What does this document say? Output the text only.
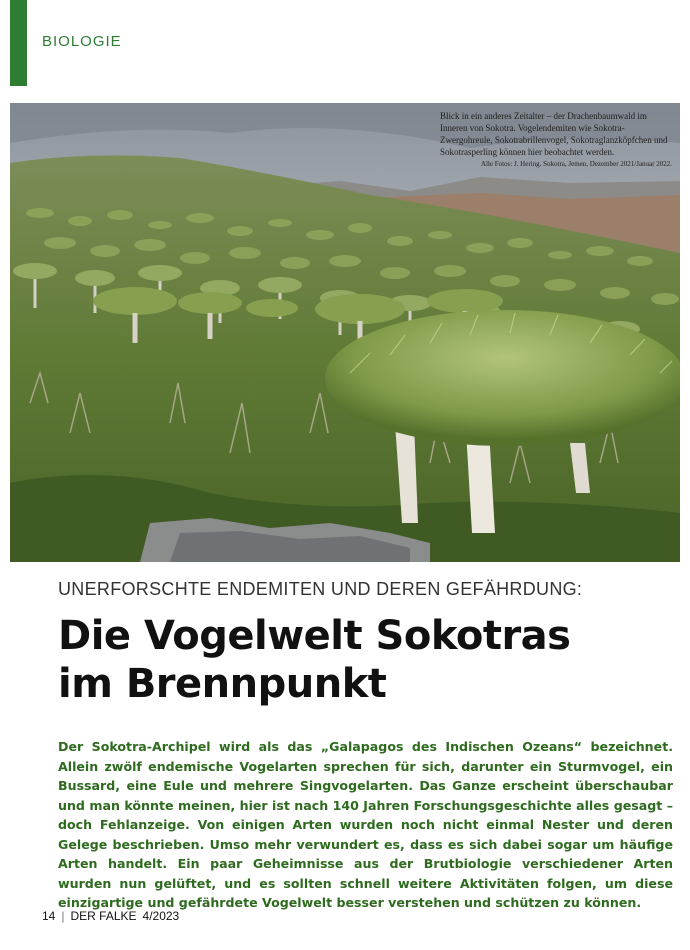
BIOLOGIE
Blick in ein anderes Zeitalter – der Drachenbaumwald im Inneren von Sokotra. Vogelendemiten wie Sokotra-Zwergohreule, Sokotrabrillenvogel, Sokotraglanzköpfchen und Sokotrasperling können hier beobachtet werden.
Alle Fotos: J. Hering. Sokotra, Jemen, Dezember 2021/Januar 2022.
UNERFORSCHTE ENDEMITEN UND DEREN GEFÄHRDUNG:
Die Vogelwelt Sokotras
im Brennpunkt
Der Sokotra-Archipel wird als das „Galapagos des Indischen Ozeans“ bezeichnet. Allein zwölf endemische Vogelarten sprechen für sich, darunter ein Sturmvogel, ein Bussard, eine Eule und mehrere Singvogelarten. Das Ganze erscheint überschaubar und man könnte meinen, hier ist nach 140 Jahren Forschungsgeschichte alles gesagt – doch Fehlanzeige. Von einigen Arten wurden noch nicht einmal Nester und deren Gelege beschrieben. Umso mehr verwundert es, dass es sich dabei sogar um häufige Arten handelt. Ein paar Geheimnisse aus der Brutbiologie verschiedener Arten wurden nun gelüftet, und es sollten schnell weitere Aktivitäten folgen, um diese einzigartige und gefährdete Vogelwelt besser verstehen und schützen zu können.
14 | DER FALKE 4/2023
